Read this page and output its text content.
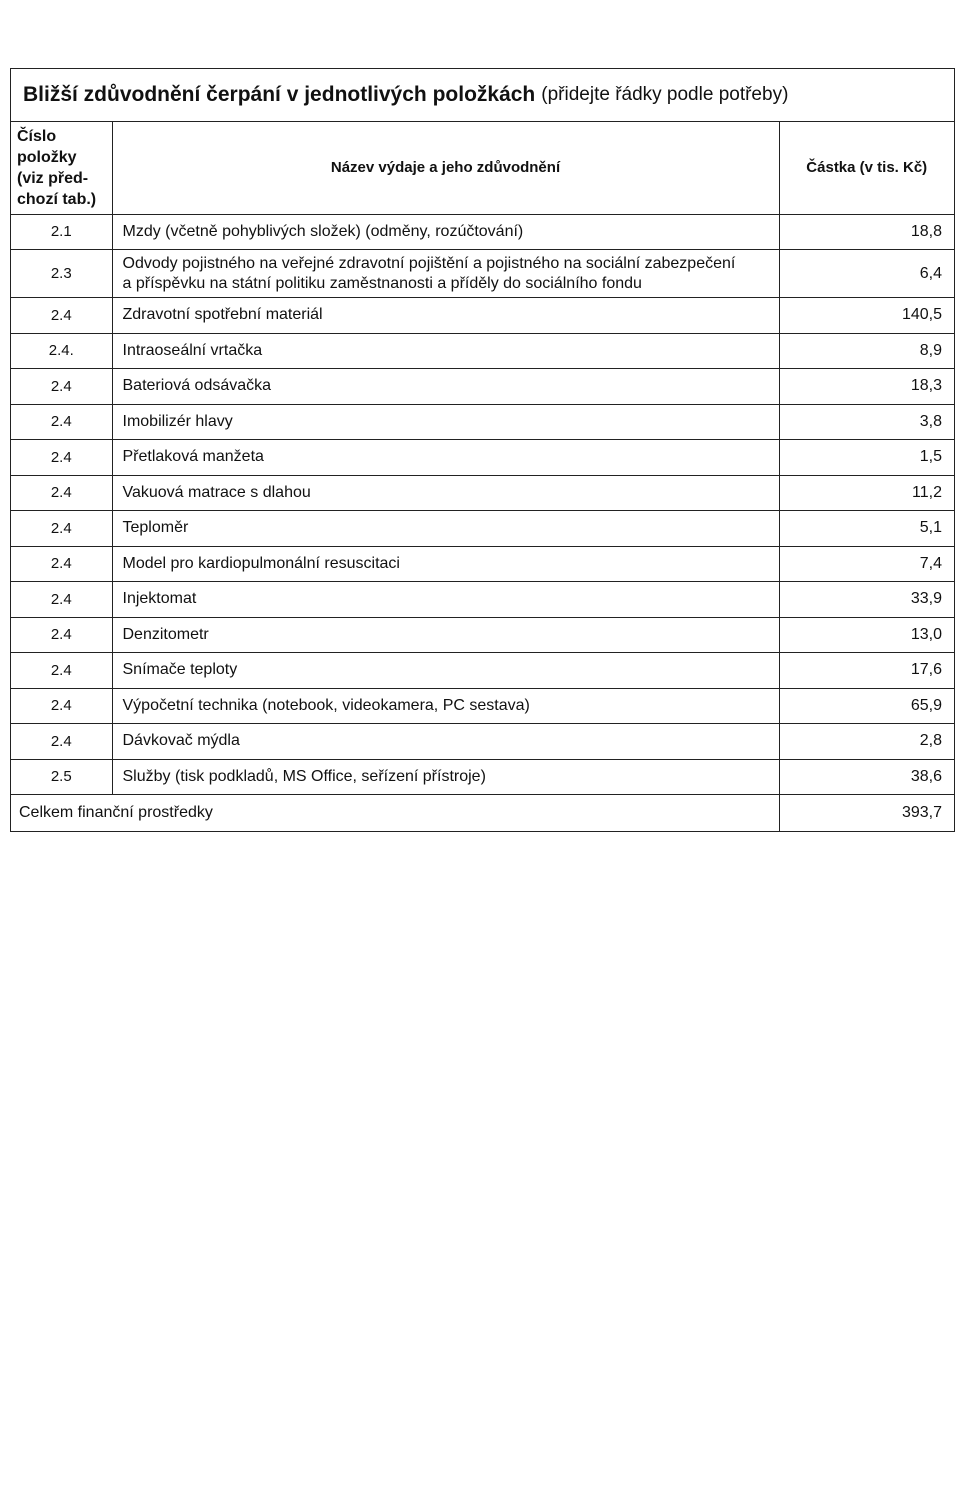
Bližší zdůvodnění čerpání v jednotlivých položkách (přidejte řádky podle potřeby)
Číslo
položky
(viz před-
chozí tab.)	Název výdaje a jeho zdůvodnění	Částka (v tis. Kč)
2.1	Mzdy (včetně pohyblivých složek) (odměny, rozúčtování)	18,8
2.3	Odvody pojistného na veřejné zdravotní pojištění a pojistného na sociální zabezpečení
a příspěvku na státní politiku zaměstnanosti a příděly do sociálního fondu	6,4
2.4	Zdravotní spotřební materiál	140,5
2.4.	Intraoseální vrtačka	8,9
2.4	Bateriová odsávačka	18,3
2.4	Imobilizér hlavy	3,8
2.4	Přetlaková manžeta	1,5
2.4	Vakuová matrace s dlahou	11,2
2.4	Teploměr	5,1
2.4	Model pro kardiopulmonální resuscitaci	7,4
2.4	Injektomat	33,9
2.4	Denzitometr	13,0
2.4	Snímače teploty	17,6
2.4	Výpočetní technika (notebook, videokamera, PC sestava)	65,9
2.4	Dávkovač mýdla	2,8
2.5	Služby (tisk podkladů, MS Office, seřízení přístroje)	38,6
Celkem finanční prostředky		393,7
